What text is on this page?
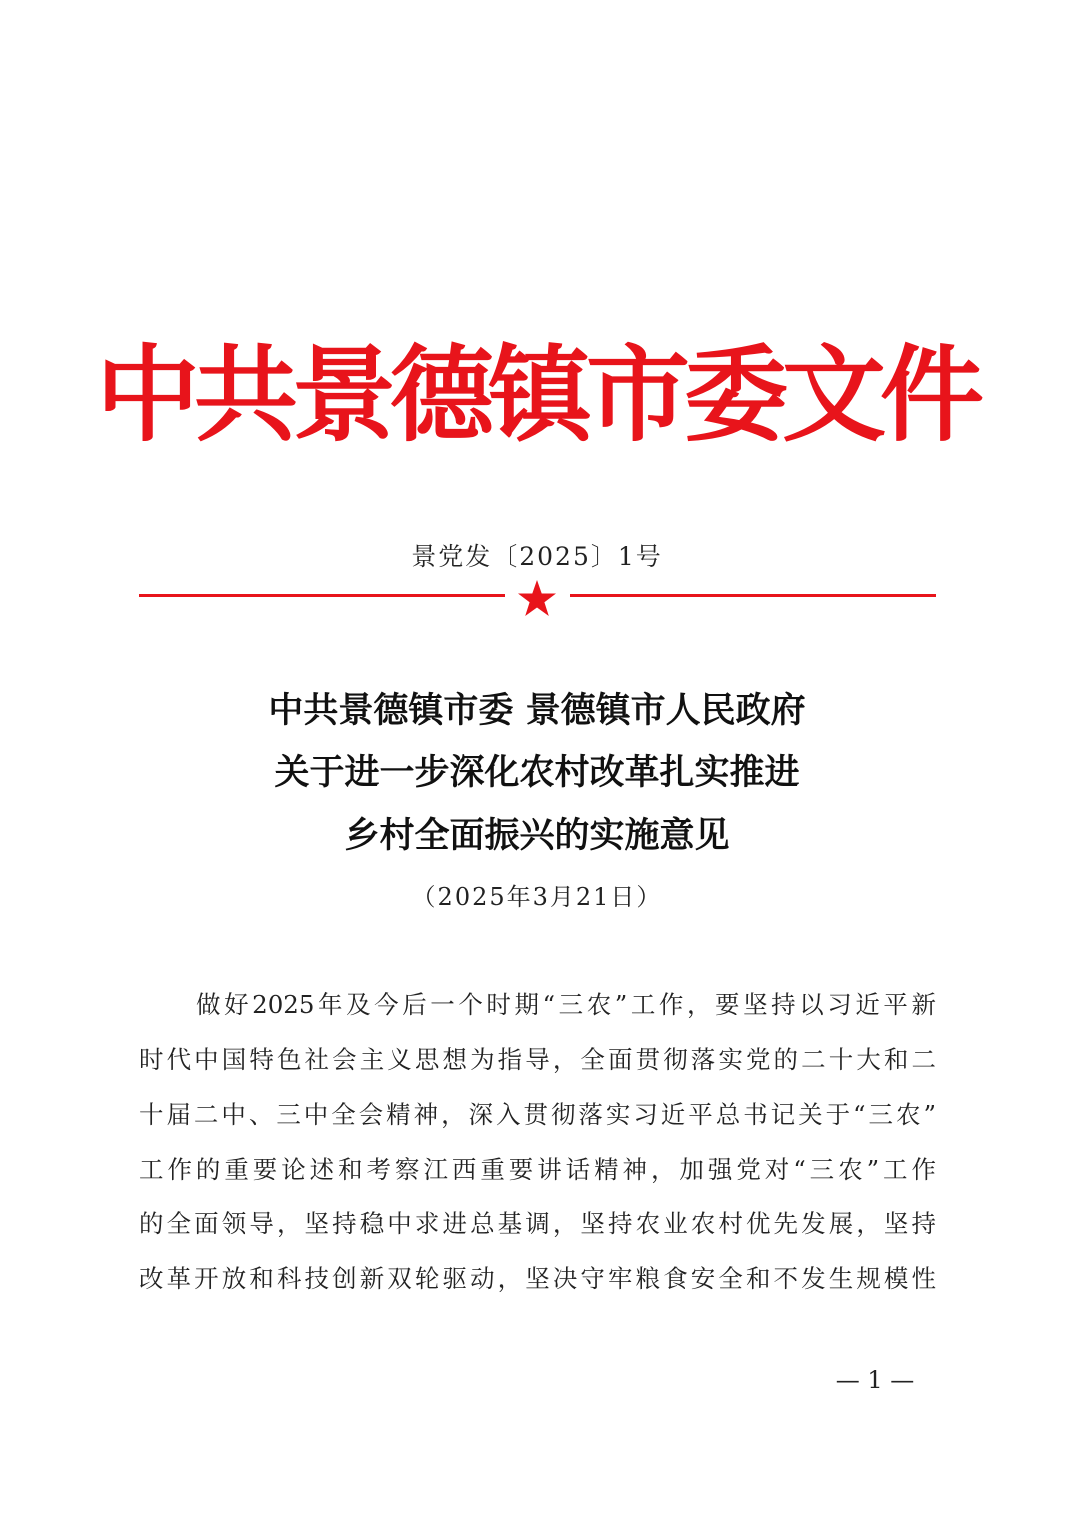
中共景德镇市委文件
景党发〔2025〕1号
中共景德镇市委 景德镇市人民政府
关于进一步深化农村改革扎实推进
乡村全面振兴的实施意见
（2025年3月21日）
做好2025年及今后一个时期“三农”工作，要坚持以习近平新
时代中国特色社会主义思想为指导，全面贯彻落实党的二十大和二
十届二中、三中全会精神，深入贯彻落实习近平总书记关于“三农”
工作的重要论述和考察江西重要讲话精神，加强党对“三农”工作
的全面领导，坚持稳中求进总基调，坚持农业农村优先发展，坚持
改革开放和科技创新双轮驱动，坚决守牢粮食安全和不发生规模性
— 1 —
